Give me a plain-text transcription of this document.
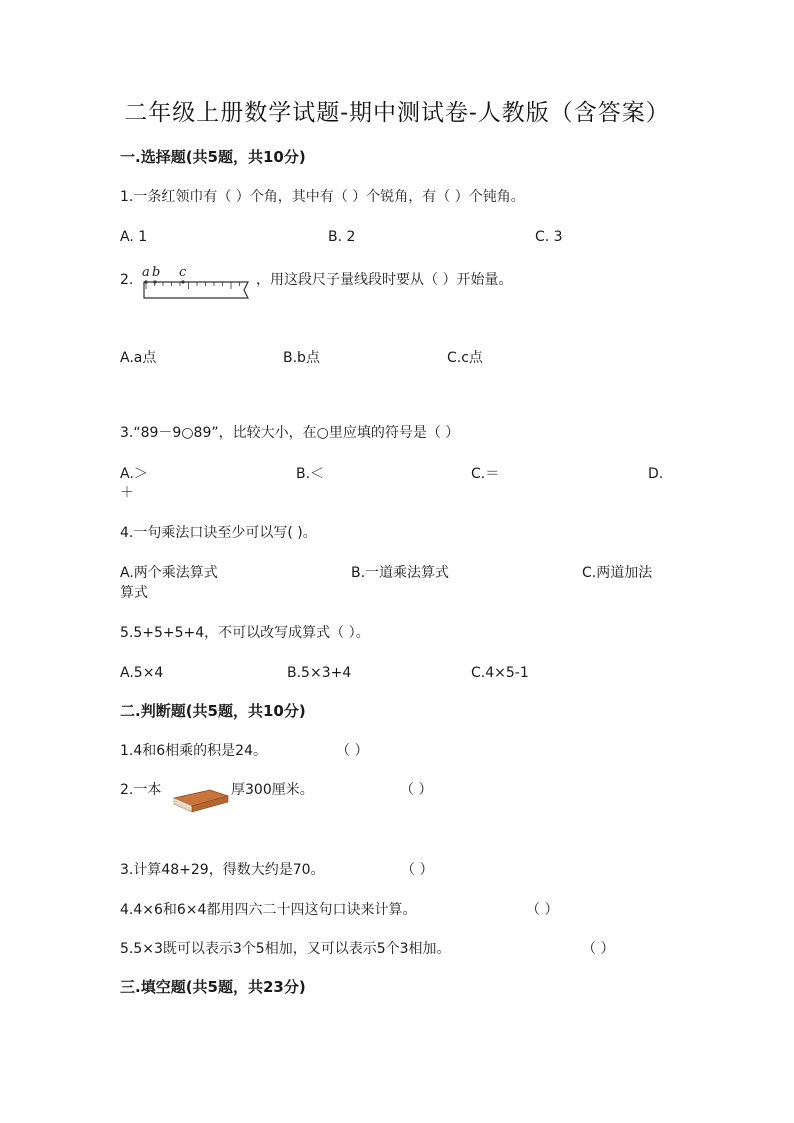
二年级上册数学试题-期中测试卷-人教版（含答案）
一.选择题(共5题，共10分)
1.一条红领巾有（ ）个角，其中有（ ）个锐角，有（ ）个钝角。
A. 1	B. 2	C. 3
2. a b c	，用这段尺子量线段时要从（ ）开始量。
A.a点	B.b点	C.c点
3.“89－9○89”，比较大小，在○里应填的符号是（ ）
A.＞	B.＜	C.＝	D.
＋
4.一句乘法口诀至少可以写( )。
A.两个乘法算式	B.一道乘法算式	C.两道加法
算式
5.5+5+5+4，不可以改写成算式（ ）。
A.5×4	B.5×3+4	C.4×5-1
二.判断题(共5题，共10分)
1.4和6相乘的积是24。	（ ）
2.一本	厚300厘米。	（ ）
3.计算48+29，得数大约是70。	（ ）
4.4×6和6×4都用四六二十四这句口诀来计算。	（ ）
5.5×3既可以表示3个5相加，又可以表示5个3相加。	（ ）
三.填空题(共5题，共23分)
